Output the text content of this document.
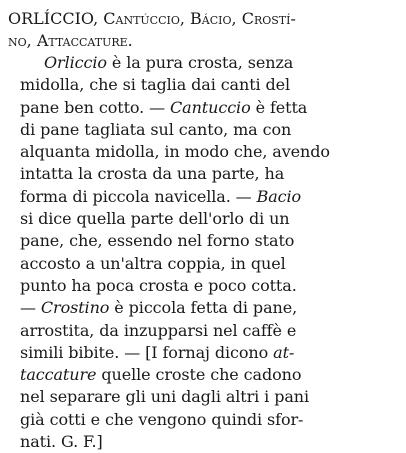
ORLÍCCIO, Cantúccio, Bácio, Crostí-
no, Attaccature.
Orliccio è la pura crosta, senza
midolla, che si taglia dai canti del
pane ben cotto. — Cantuccio è fetta
di pane tagliata sul canto, ma con
alquanta midolla, in modo che, avendo
intatta la crosta da una parte, ha
forma di piccola navicella. — Bacio
si dice quella parte dell'orlo di un
pane, che, essendo nel forno stato
accosto a un'altra coppia, in quel
punto ha poca crosta e poco cotta.
— Crostino è piccola fetta di pane,
arrostita, da inzupparsi nel caffè e
simili bibite. — [I fornaj dicono at-
taccature quelle croste che cadono
nel separare gli uni dagli altri i pani
già cotti e che vengono quindi sfor-
nati. G. F.]
